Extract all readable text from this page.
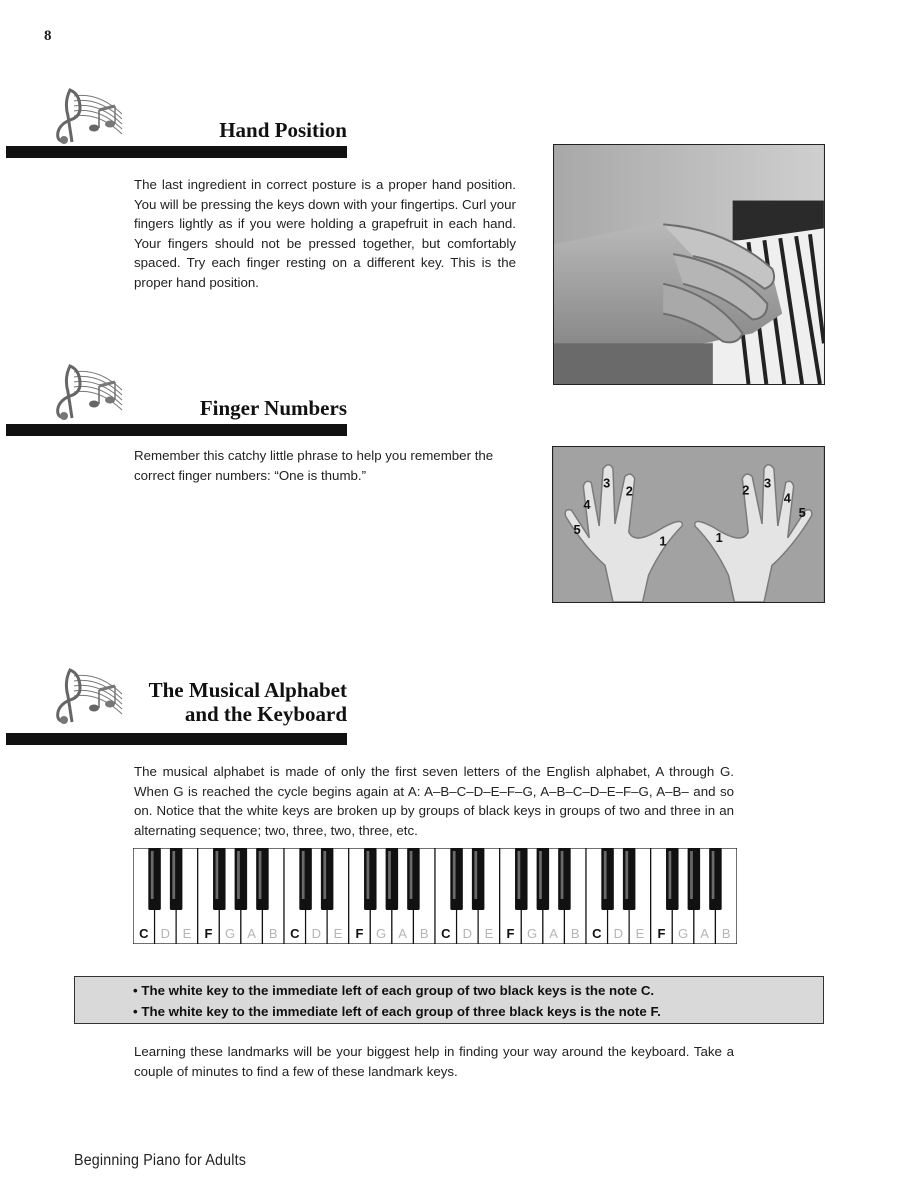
8
Hand Position
The last ingredient in correct posture is a proper hand position. You will be pressing the keys down with your fingertips. Curl your fingers lightly as if you were holding a grapefruit in each hand. Your fingers should not be pressed together, but comfortably spaced. Try each finger resting on a different key. This is the proper hand position.
Finger Numbers
Remember this catchy little phrase to help you remember the correct finger numbers: “One is thumb.”
5
4
3
2
1	1
2 3
4
5
The Musical Alphabet
and the Keyboard
The musical alphabet is made of only the first seven letters of the English alphabet, A through G. When G is reached the cycle begins again at A: A–B–C–D–E–F–G, A–B–C–D–E–F–G, A–B– and so on. Notice that the white keys are broken up by groups of black keys in groups of two and three in an alternating sequence; two, three, two, three, etc.
C D E F G A B C D E F G A B C D E F G A B C D E F G A B
• The white key to the immediate left of each group of two black keys is the note C.
• The white key to the immediate left of each group of three black keys is the note F.
Learning these landmarks will be your biggest help in finding your way around the keyboard. Take a couple of minutes to find a few of these landmark keys.
Beginning Piano for Adults
